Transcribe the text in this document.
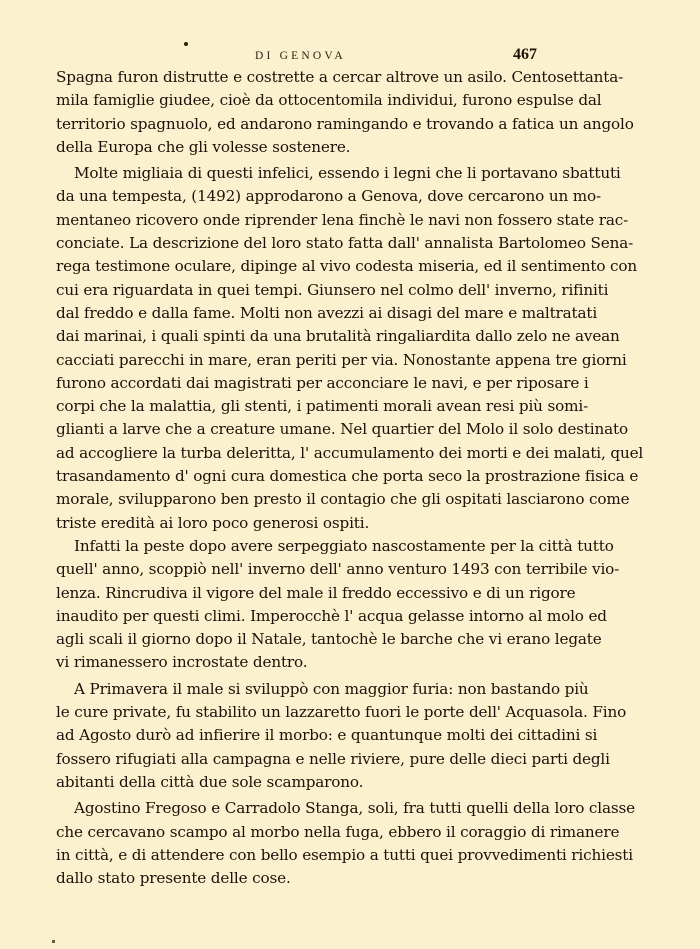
DI GENOVA	467
Spagna furon distrutte e costrette a cercar altrove un asilo. Centosettanta-
mila famiglie giudee, cioè da ottocentomila individui, furono espulse dal
territorio spagnuolo, ed andarono ramingando e trovando a fatica un angolo
della Europa che gli volesse sostenere.
Molte migliaia di questi infelici, essendo i legni che li portavano sbattuti
da una tempesta, (1492) approdarono a Genova, dove cercarono un mo-
mentaneo ricovero onde riprender lena finchè le navi non fossero state rac-
conciate. La descrizione del loro stato fatta dall' annalista Bartolomeo Sena-
rega testimone oculare, dipinge al vivo codesta miseria, ed il sentimento con
cui era riguardata in quei tempi. Giunsero nel colmo dell' inverno, rifiniti
dal freddo e dalla fame. Molti non avezzi ai disagi del mare e maltratati
dai marinai, i quali spinti da una brutalità ringaliardita dallo zelo ne avean
cacciati parecchi in mare, eran periti per via. Nonostante appena tre giorni
furono accordati dai magistrati per acconciare le navi, e per riposare i
corpi che la malattia, gli stenti, i patimenti morali avean resi più somi-
glianti a larve che a creature umane. Nel quartier del Molo il solo destinato
ad accogliere la turba deleritta, l' accumulamento dei morti e dei malati, quel
trasandamento d' ogni cura domestica che porta seco la prostrazione fisica e
morale, svilupparono ben presto il contagio che gli ospitati lasciarono come
triste eredità ai loro poco generosi ospiti.
Infatti la peste dopo avere serpeggiato nascostamente per la città tutto
quell' anno, scoppiò nell' inverno dell' anno venturo 1493 con terribile vio-
lenza. Rincrudiva il vigore del male il freddo eccessivo e di un rigore
inaudito per questi climi. Imperocchè l' acqua gelasse intorno al molo ed
agli scali il giorno dopo il Natale, tantochè le barche che vi erano legate
vi rimanessero incrostate dentro.
A Primavera il male si sviluppò con maggior furia: non bastando più
le cure private, fu stabilito un lazzaretto fuori le porte dell' Acquasola. Fino
ad Agosto durò ad infierire il morbo: e quantunque molti dei cittadini si
fossero rifugiati alla campagna e nelle riviere, pure delle dieci parti degli
abitanti della città due sole scamparono.
Agostino Fregoso e Carradolo Stanga, soli, fra tutti quelli della loro classe
che cercavano scampo al morbo nella fuga, ebbero il coraggio di rimanere
in città, e di attendere con bello esempio a tutti quei provvedimenti richiesti
dallo stato presente delle cose.
